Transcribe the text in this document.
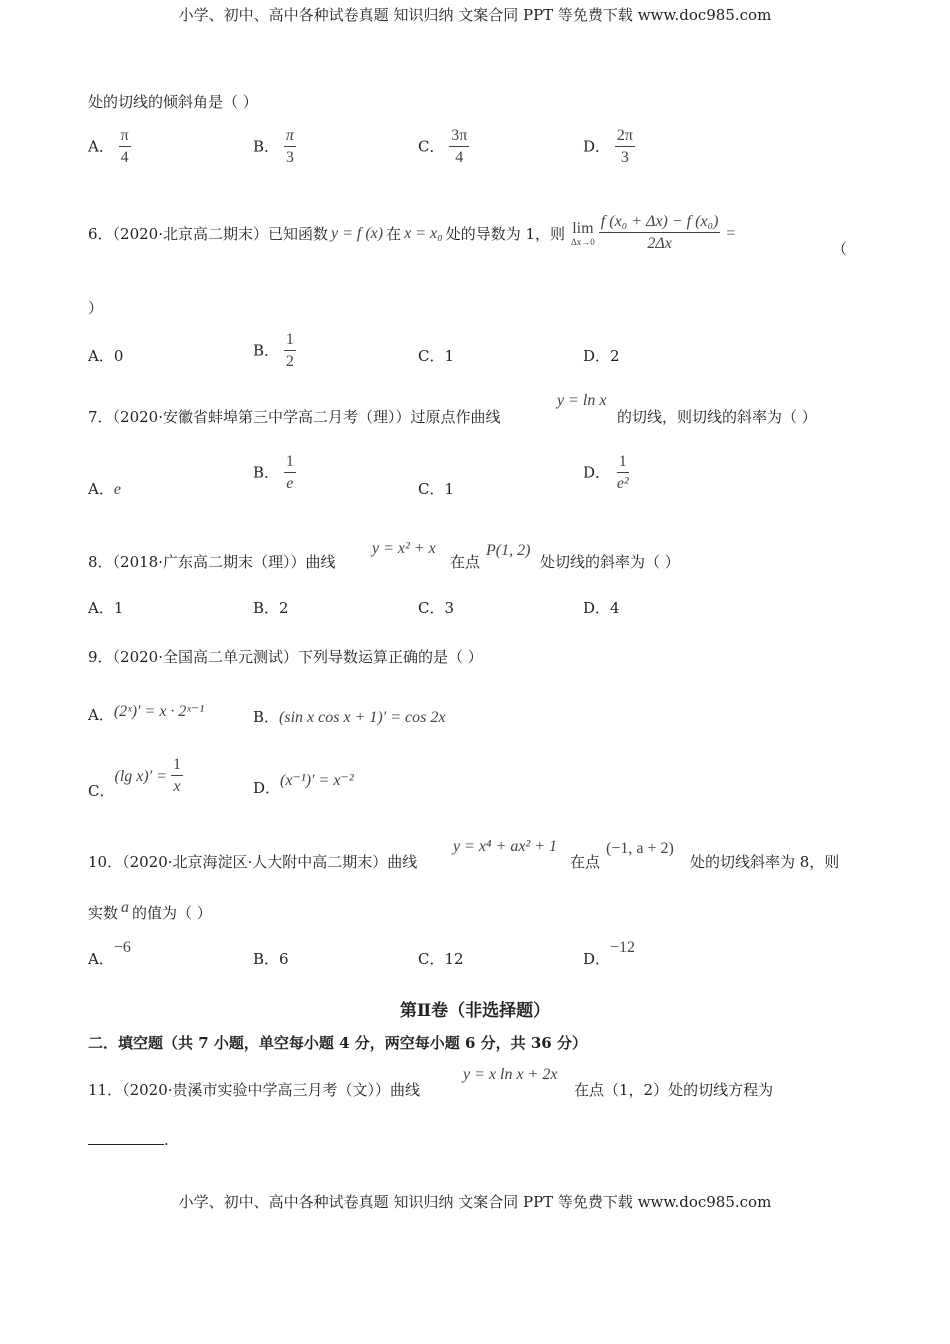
小学、初中、高中各种试卷真题 知识归纳 文案合同 PPT 等免费下载 www.doc985.com
处的切线的倾斜角是（ ）
A． $\frac{\pi}{4}$	B． $\frac{\pi}{3}$	C． $\frac{3\pi}{4}$	D． $\frac{2\pi}{3}$
6．（2020·北京高二期末）已知函数 y = f (x) 在 x = x₀ 处的导数为 1，则 lim
$\Delta x\to 0 \frac{\text{f (x₀ + Δx) − f (x₀)}}{2\Delta x}$ =
（
）
A．0	B． $\frac{1}{2}$	C．1	D．2
7．（2020·安徽省蚌埠第三中学高二月考（理））过原点作曲线
y = ln x
的切线，则切线的斜率为（ ）
A．e
B． $\frac{1}{e}$	C．1
D． $\frac{1}{\text{e²}}$
8．（2018·广东高二期末（理））曲线
y = x² + x
在点
P(1, 2)
处切线的斜率为（ ）
A．1	B．2	C．3	D．4
9．（2020·全国高二单元测试）下列导数运算正确的是（ ）
A．(2ˣ)′ = x · 2ˣ⁻¹	B．(sin x cos x + 1)′ = cos 2x
C．
(lg $x)' = \frac{1}{x}$	D．(x⁻¹)′ = x⁻²
10．（2020·北京海淀区·人大附中高二期末）曲线
y = x⁴ + ax² + 1
在点
(−1, a + 2)
处的切线斜率为 8，则
实数 a 的值为（ ）
A．−6
B．6	C．12	D．−12
第Ⅱ卷（非选择题）
二．填空题（共 7 小题，单空每小题 4 分，两空每小题 6 分，共 36 分）
11．（2020·贵溪市实验中学高三月考（文））曲线
y = x ln x + 2x
在点（1，2）处的切线方程为
.
小学、初中、高中各种试卷真题 知识归纳 文案合同 PPT 等免费下载 www.doc985.com
